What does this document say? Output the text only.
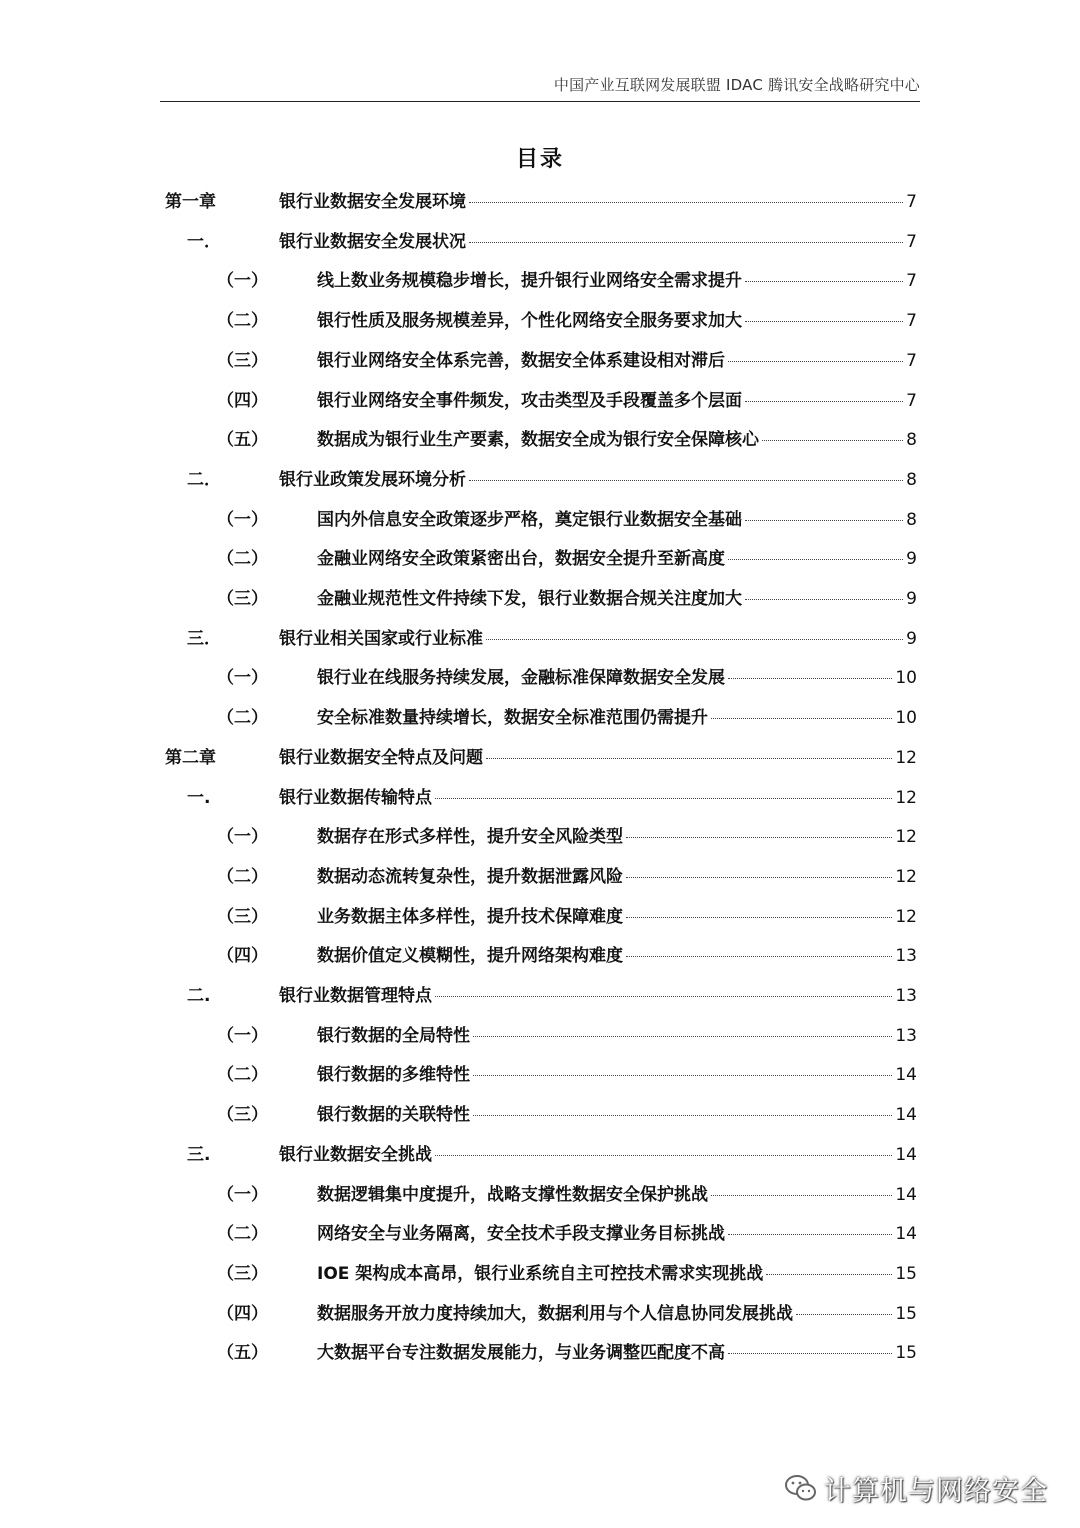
中国产业互联网发展联盟 IDAC 腾讯安全战略研究中心
目录
第一章	银行业数据安全发展环境	7
一．	银行业数据安全发展状况	7
（一）	线上数业务规模稳步增长，提升银行业网络安全需求提升	7
（二）	银行性质及服务规模差异，个性化网络安全服务要求加大	7
（三）	银行业网络安全体系完善，数据安全体系建设相对滞后	7
（四）	银行业网络安全事件频发，攻击类型及手段覆盖多个层面	7
（五）	数据成为银行业生产要素，数据安全成为银行安全保障核心	8
二．	银行业政策发展环境分析	8
（一）	国内外信息安全政策逐步严格，奠定银行业数据安全基础	8
（二）	金融业网络安全政策紧密出台，数据安全提升至新高度	9
（三）	金融业规范性文件持续下发，银行业数据合规关注度加大	9
三．	银行业相关国家或行业标准	9
（一）	银行业在线服务持续发展，金融标准保障数据安全发展	10
（二）	安全标准数量持续增长，数据安全标准范围仍需提升	10
第二章	银行业数据安全特点及问题	12
一.	银行业数据传输特点	12
（一）	数据存在形式多样性，提升安全风险类型	12
（二）	数据动态流转复杂性，提升数据泄露风险	12
（三）	业务数据主体多样性，提升技术保障难度	12
（四）	数据价值定义模糊性，提升网络架构难度	13
二.	银行业数据管理特点	13
（一）	银行数据的全局特性	13
（二）	银行数据的多维特性	14
（三）	银行数据的关联特性	14
三.	银行业数据安全挑战	14
（一）	数据逻辑集中度提升，战略支撑性数据安全保护挑战	14
（二）	网络安全与业务隔离，安全技术手段支撑业务目标挑战	14
（三）	IOE 架构成本高昂，银行业系统自主可控技术需求实现挑战	15
（四）	数据服务开放力度持续加大，数据利用与个人信息协同发展挑战	15
（五）	大数据平台专注数据发展能力，与业务调整匹配度不高	15
计算机与网络安全
